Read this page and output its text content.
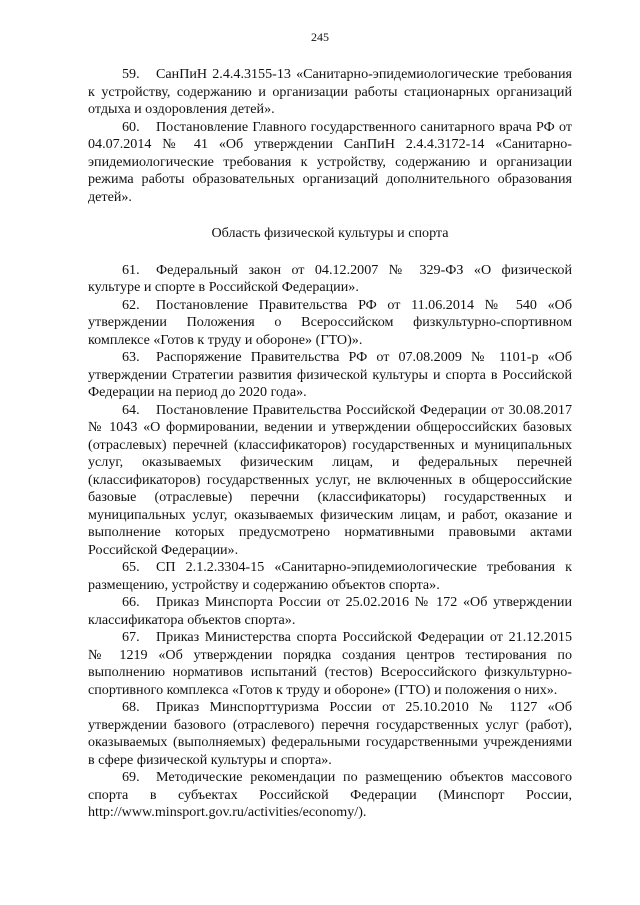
245

59. СанПиН 2.4.4.3155-13 «Санитарно-эпидемиологические требования к устройству, содержанию и организации работы стационарных организаций отдыха и оздоровления детей».

60. Постановление Главного государственного санитарного врача РФ от 04.07.2014 № 41 «Об утверждении СанПиН 2.4.4.3172-14 «Санитарно-эпидемиологические требования к устройству, содержанию и организации режима работы образовательных организаций дополнительного образования детей».

Область физической культуры и спорта

61. Федеральный закон от 04.12.2007 № 329-ФЗ «О физической культуре и спорте в Российской Федерации».

62. Постановление Правительства РФ от 11.06.2014 № 540 «Об утверждении Положения о Всероссийском физкультурно-спортивном комплексе «Готов к труду и обороне» (ГТО)».

63. Распоряжение Правительства РФ от 07.08.2009 № 1101-р «Об утверждении Стратегии развития физической культуры и спорта в Российской Федерации на период до 2020 года».

64. Постановление Правительства Российской Федерации от 30.08.2017 № 1043 «О формировании, ведении и утверждении общероссийских базовых (отраслевых) перечней (классификаторов) государственных и муниципальных услуг, оказываемых физическим лицам, и федеральных перечней (классификаторов) государственных услуг, не включенных в общероссийские базовые (отраслевые) перечни (классификаторы) государственных и муниципальных услуг, оказываемых физическим лицам, и работ, оказание и выполнение которых предусмотрено нормативными правовыми актами Российской Федерации».

65. СП 2.1.2.3304-15 «Санитарно-эпидемиологические требования к размещению, устройству и содержанию объектов спорта».

66. Приказ Минспорта России от 25.02.2016 № 172 «Об утверждении классификатора объектов спорта».

67. Приказ Министерства спорта Российской Федерации от 21.12.2015 № 1219 «Об утверждении порядка создания центров тестирования по выполнению нормативов испытаний (тестов) Всероссийского физкультурно-спортивного комплекса «Готов к труду и обороне» (ГТО) и положения о них».

68. Приказ Минспорттуризма России от 25.10.2010 № 1127 «Об утверждении базового (отраслевого) перечня государственных услуг (работ), оказываемых (выполняемых) федеральными государственными учреждениями в сфере физической культуры и спорта».

69. Методические рекомендации по размещению объектов массового спорта в субъектах Российской Федерации (Минспорт России, http://www.minsport.gov.ru/activities/economy/).
